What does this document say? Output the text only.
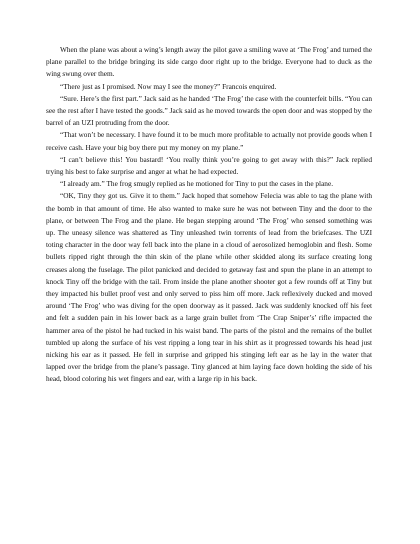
When the plane was about a wing’s length away the pilot gave a smiling wave at ‘The Frog’ and turned the plane parallel to the bridge bringing its side cargo door right up to the bridge. Everyone had to duck as the wing swung over them.

“There just as I promised. Now may I see the money?” Francois enquired.

“Sure. Here’s the first part.” Jack said as he handed ‘The Frog’ the case with the counterfeit bills. “You can see the rest after I have tested the goods.” Jack said as he moved towards the open door and was stopped by the barrel of an UZI protruding from the door.

“That won’t be necessary. I have found it to be much more profitable to actually not provide goods when I receive cash. Have your big boy there put my money on my plane.”

“I can’t believe this! You bastard! ‘You really think you’re going to get away with this?” Jack replied trying his best to fake surprise and anger at what he had expected.

“I already am.” The frog smugly replied as he motioned for Tiny to put the cases in the plane.

“OK, Tiny they got us. Give it to them.” Jack hoped that somehow Felecia was able to tag the plane with the bomb in that amount of time. He also wanted to make sure he was not between Tiny and the door to the plane, or between The Frog and the plane. He began stepping around ‘The Frog’ who sensed something was up. The uneasy silence was shattered as Tiny unleashed twin torrents of lead from the briefcases. The UZI toting character in the door way fell back into the plane in a cloud of aerosolized hemoglobin and flesh. Some bullets ripped right through the thin skin of the plane while other skidded along its surface creating long creases along the fuselage. The pilot panicked and decided to getaway fast and spun the plane in an attempt to knock Tiny off the bridge with the tail. From inside the plane another shooter got a few rounds off at Tiny but they impacted his bullet proof vest and only served to piss him off more. Jack reflexively ducked and moved around ‘The Frog’ who was diving for the open doorway as it passed. Jack was suddenly knocked off his feet and felt a sudden pain in his lower back as a large grain bullet from ‘The Crap Sniper’s’ rifle impacted the hammer area of the pistol he had tucked in his waist band. The parts of the pistol and the remains of the bullet tumbled up along the surface of his vest ripping a long tear in his shirt as it progressed towards his head just nicking his ear as it passed. He fell in surprise and gripped his stinging left ear as he lay in the water that lapped over the bridge from the plane’s passage. Tiny glanced at him laying face down holding the side of his head, blood coloring his wet fingers and ear, with a large rip in his back.
